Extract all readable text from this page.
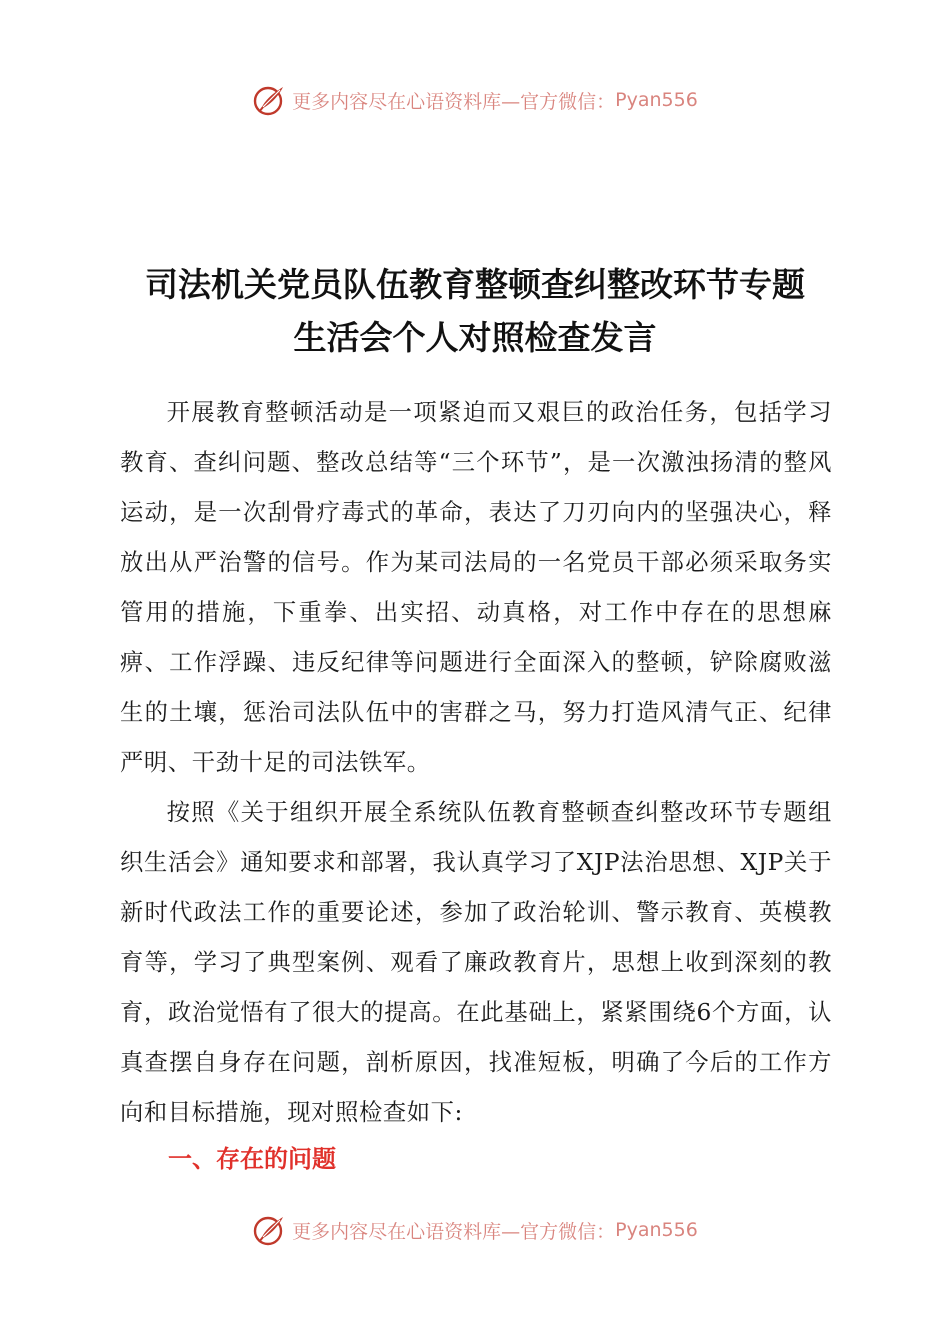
更多内容尽在心语资料库—官方微信： Pyan556
司法机关党员队伍教育整顿查纠整改环节专题
生活会个人对照检查发言

开展教育整顿活动是一项紧迫而又艰巨的政治任务，包括学习教育、查纠问题、整改总结等“三个环节”，是一次激浊扬清的整风运动，是一次刮骨疗毒式的革命，表达了刀刃向内的坚强决心，释放出从严治警的信号。作为某司法局的一名党员干部必须采取务实管用的措施，下重拳、出实招、动真格，对工作中存在的思想麻痹、工作浮躁、违反纪律等问题进行全面深入的整顿，铲除腐败滋生的土壤，惩治司法队伍中的害群之马，努力打造风清气正、纪律严明、干劲十足的司法铁军。

按照《关于组织开展全系统队伍教育整顿查纠整改环节专题组织生活会》通知要求和部署，我认真学习了XJP法治思想、XJP关于新时代政法工作的重要论述，参加了政治轮训、警示教育、英模教育等，学习了典型案例、观看了廉政教育片，思想上收到深刻的教育，政治觉悟有了很大的提高。在此基础上，紧紧围绕6个方面，认真查摆自身存在问题，剖析原因，找准短板，明确了今后的工作方向和目标措施，现对照检查如下:

一、存在的问题
更多内容尽在心语资料库—官方微信： Pyan556
